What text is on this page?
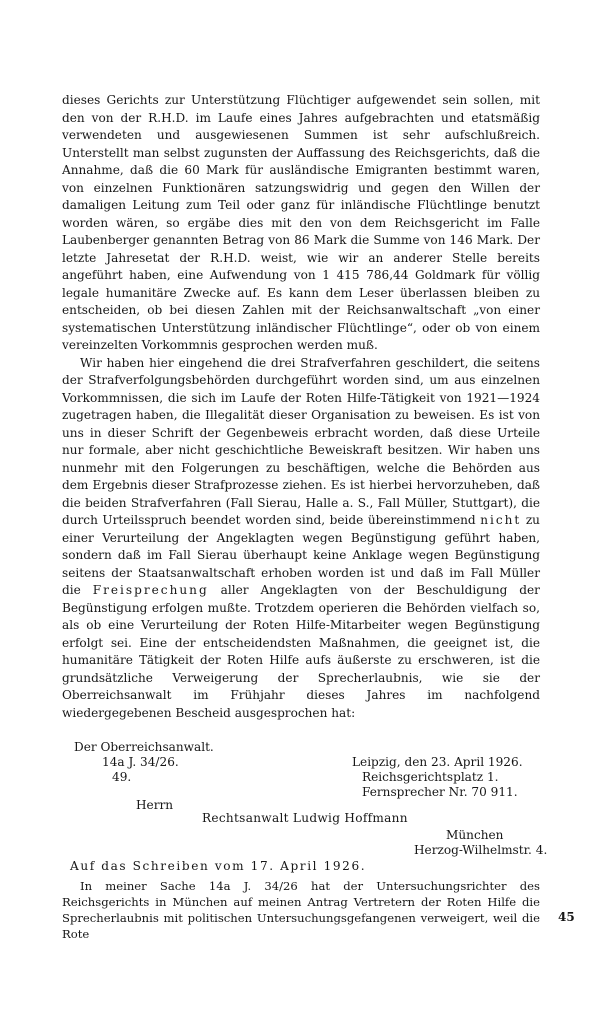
dieses Gerichts zur Unterstützung Flüchtiger aufgewendet sein sollen, mit den von der R.H.D. im Laufe eines Jahres aufgebrachten und etatsmäßig verwendeten und ausgewiesenen Summen ist sehr aufschlußreich. Unterstellt man selbst zugunsten der Auffassung des Reichsgerichts, daß die Annahme, daß die 60 Mark für ausländische Emigranten bestimmt waren, von einzelnen Funktionären satzungswidrig und gegen den Willen der damaligen Leitung zum Teil oder ganz für inländische Flüchtlinge benutzt worden wären, so ergäbe dies mit den von dem Reichsgericht im Falle Laubenberger genannten Betrag von 86 Mark die Summe von 146 Mark. Der letzte Jahresetat der R.H.D. weist, wie wir an anderer Stelle bereits angeführt haben, eine Aufwendung von 1 415 786,44 Goldmark für völlig legale humanitäre Zwecke auf. Es kann dem Leser überlassen bleiben zu entscheiden, ob bei diesen Zahlen mit der Reichsanwaltschaft „von einer systematischen Unterstützung inländischer Flüchtlinge“, oder ob von einem vereinzelten Vorkommnis gesprochen werden muß.

Wir haben hier eingehend die drei Strafverfahren geschildert, die seitens der Strafverfolgungsbehörden durchgeführt worden sind, um aus einzelnen Vorkommnissen, die sich im Laufe der Roten Hilfe-Tätigkeit von 1921—1924 zugetragen haben, die Illegalität dieser Organisation zu beweisen. Es ist von uns in dieser Schrift der Gegenbeweis erbracht worden, daß diese Urteile nur formale, aber nicht geschichtliche Beweiskraft besitzen. Wir haben uns nunmehr mit den Folgerungen zu beschäftigen, welche die Behörden aus dem Ergebnis dieser Strafprozesse ziehen. Es ist hierbei hervorzuheben, daß die beiden Strafverfahren (Fall Sierau, Halle a. S., Fall Müller, Stuttgart), die durch Urteilsspruch beendet worden sind, beide übereinstimmend nicht zu einer Verurteilung der Angeklagten wegen Begünstigung geführt haben, sondern daß im Fall Sierau überhaupt keine Anklage wegen Begünstigung seitens der Staatsanwaltschaft erhoben worden ist und daß im Fall Müller die Freisprechung aller Angeklagten von der Beschuldigung der Begünstigung erfolgen mußte. Trotzdem operieren die Behörden vielfach so, als ob eine Verurteilung der Roten Hilfe-Mitarbeiter wegen Begünstigung erfolgt sei. Eine der entscheidendsten Maßnahmen, die geeignet ist, die humanitäre Tätigkeit der Roten Hilfe aufs äußerste zu erschweren, ist die grundsätzliche Verweigerung der Sprecherlaubnis, wie sie der Oberreichsanwalt im Frühjahr dieses Jahres im nachfolgend wiedergegebenen Bescheid ausgesprochen hat:

Der Oberreichsanwalt.
14a J. 34/26.
49.
Leipzig, den 23. April 1926.
Reichsgerichtsplatz 1.
Fernsprecher Nr. 70 911.
Herrn
Rechtsanwalt Ludwig Hoffmann
München
Herzog-Wilhelmstr. 4.
Auf das Schreiben vom 17. April 1926.

In meiner Sache 14a J. 34/26 hat der Untersuchungsrichter des Reichsgerichts in München auf meinen Antrag Vertretern der Roten Hilfe die Sprecherlaubnis mit politischen Untersuchungsgefangenen verweigert, weil die Rote

45
